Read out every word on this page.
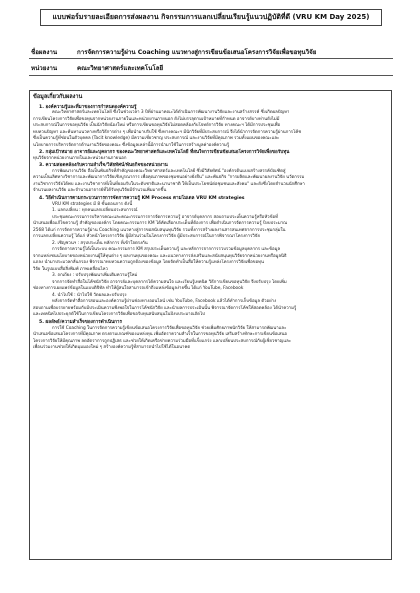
แบบฟอร์มรายละเอียดการส่งผลงาน กิจกรรมการแลกเปลี่ยนเรียนรู้แนวปฏิบัติที่ดี (VRU KM Day 2025)
ชื่อผลงาน	การจัดการความรู้ผ่าน Coaching แนวทางสู่การเขียนข้อเสนอโครงการวิจัยเพื่อขอทุนวิจัย
หน่วยงาน	คณะวิทยาศาสตร์และเทคโนโลยี
ข้อมูลเกี่ยวกับผลงาน
1. องค์ความรู้และที่มาของการกำหนดองค์ความรู้
คณะวิทยาศาสตร์และเทคโนโลยี ซึ่งในช่วงเวลา 3 ปีที่ผ่านมาคณะได้ดำเนินการพัฒนางานวิจัยและงานสร้างสรรค์ ซึ่งเกิดผลปัญหา
การเขียนโครงการวิจัยเพื่อขอทุนจากหน่วยงานภายในและหน่วยงานภายนอก ยังไม่บรรลุตามเป้าหมายที่กำหนด อาจารย์บางท่านยังไม่มี
ประสบการณ์ในการขอทุนวิจัย เป็นนักวิจัยน้องใหม่ หรือการเขียนขอทุนวิจัยไม่สอดคล้องกับโจทย์การวิจัย ทางคณะฯ ได้มีการประชุมเพื่อ
ทบทวนปัญหา และค้นหาแนวทางหรือวิธีการต่าง ๆ เพื่อนำมาปรับใช้ ซึ่งทางคณะฯ มีนักวิจัยที่มีประสบการณ์ จึงได้นำการจัดการความรู้ผ่านการโค้ช
ซึ่งเป็นความรู้ที่ซ่อนในตัวบุคคล (Tacit knowledge) มีความเชี่ยวชาญ ประสบการณ์ และงานวิจัยที่มีคุณภาพ รวมทั้งแผนของคณะและ
นโยบายการบริหารจัดการด้านงานวิจัยของคณะ ซึ่งข้อมูลเหล่านี้มีการนำมาใช้ในการสร้างมูลค่าองค์ความรู้
2. กลุ่มเป้าหมาย อาจารย์และบุคลากร ของคณะวิทยาศาสตร์และเทคโนโลยี ที่สนใจการเขียนข้อเสนอโครงการวิจัยเพื่อขอรับทุน
ทุนวิจัยจากหน่วยงานภายในและหน่วยงานภายนอก
3. ความสอดคล้องกับความสำเร็จ/วิสัยทัศน์/พันธกิจของหน่วยงาน
การพัฒนางานวิจัย ถือเป็นพันธกิจที่สำคัญของคณะวิทยาศาสตร์และเทคโนโลยี ซึ่งมีวิสัยทัศน์ "องค์กรต้นแบบสร้างสรรค์บัณฑิตสู่
ความเป็นเลิศทางวิชาการและพัฒนาการวิจัยเชิงบูรณาการ เพื่อคุณภาพของชุมชนอย่างยั่งยืน" และพันธกิจ "การผลิตและพัฒนาผลงานวิจัย นวัตกรรม
งานวิชาการวิจัยได้พบ และงานวิชาการที่เป็นที่ยอมรับในระดับชาติและนานาชาติ ให้เป็นประโยชน์ต่อชุมชนและสังคม" และยังซึ่งโดยจำนวนนักศึกษา
จำนวนผลงานวิจัย และจำนวนอาจารย์ที่ได้รับทุนวิจัยมีจำนวนเพิ่มมากขึ้น
4. วิธีดำเนินการตามกระบวนการการจัดการความรู้ KM Process ตามโมเดล VRU KM strategies
VRU KM strategies มี 8 ขั้นตอนการ ดังนี้
1. แลกเปลี่ยน : ทุกคนแลกเปลี่ยนประสบการณ์
ประชุมคณะกรรมการบริหารคณะและคณะกรรมการการจัดการความรู้ อาจารย์บุคลากร สอบถามประเด็นความรู้หรือหัวข้อที่
นำเสนอเพื่อแก้ไขความรู้ สำคัญขององค์กร โดยคณะกรรมการ KM ได้คัดเลือกประเด็นที่ต้องการ เพื่อดำเนินการจัดการความรู้ ปีงบประมาณ
2568 ได้แก่ การจัดการความรู้ผ่าน Coaching แนวทางสู่การขอสนับสนุนทุนวิจัย รวมทั้งการสร้างผลงานสารสนเทศจากการประชุมกลุ่มใน
การแลกเปลี่ยนความรู้ ได้แก่ หัวหน้าโครงการวิจัย ผู้มีส่วนร่วมในโครงการวิจัย ผู้มีประสบการณ์ในการพิจารณาโครงการวิจัย
2. เชิญชวนฯ : สรุปประเด็น หลักการ ที่เข้าใจตรงกัน
การจัดการความรู้ได้เป็นระบบ คณะกรรมการ KM สรุปประเด็นความรู้ และหลักการจากการรวบรวมข้อมูลบุคลากร และข้อมูล
จากแหล่งชนนโยบายของหน่วยงานผู้ให้ทุนต่าง ๆ ผลงานทุนของคณะ และแนวทางการส่งเสริมและสนับสนุนทุนวิจัยจากหน่วยงานหรือมูลนิธิ
แถลง นำมาประมวลกลั่นกรอง พิจารณาทบทวนความถูกต้องของข้อมูล โดยจัดทำเป็นสื่อให้ความรู้แหล่งโครงการวิจัยเพื่อขอทุน
วิจัย ในรูปแบบสื่อสิ่งพิมพ์ ภาพเคลื่อนไหว
3. ถกเถียง : ปรับปรุงพัฒนาเพิ่มเติมความรู้ใหม่
จากการจัดทำสื่อในโค้ชนักวิจัย อาจารย์และบุคลากรได้ความสนใจ และเรียนรู้เทคนิค วิธีการเขียนขอทุนวิจัย จึงปรับปรุง โดยเพิ่ม
ช่องทางการเผยแพร่ข้อมูลในแบบดิจิทัล ทำให้ผู้สนใจสามารถเข้าถึงแหล่งข้อมูลง่ายขึ้น ได้แก่ YouTube, Facebook
4. นำไปใช้ : นำไปใช้ วัดผลและปรับปรุง
หลังจากจัดทำสื่อการสอนและองค์ความรู้ผ่านช่องทางออนไลน์ เช่น YouTube, Facebook แล้วได้ทำการเก็บข้อมูล ตัวอย่าง
สอบถามเพื่อบรรยายพร้อมกับมีประเมินความพึงพอใจในการโค้ชนักวิจัย และนำผลการประเมินนั้น พิจารณาจัดการโค้ชให้สอดคล้อง ได้นำความรู้
และเทคนิคไปประยุกต์ใช้ในการเขียนโครงการวิจัยเพื่อขอรับทุนสนับสนุนในปีงบประมาณถัดไป
5. ผลลัพธ์/ความสำเร็จของการดำเนินการ
การใช้ Coaching ในการจัดการความรู้เขียนข้อเสนอโครงการวิจัยเพื่อขอทุนวิจัย ช่วยเพิ่มศักยภาพนักวิจัย ให้สามารถพัฒนาและ
นำเสนอข้อเสนอโครงการที่มีคุณภาพ ตรงตามเกณฑ์ของแหล่งทุน เพิ่มอัตราความสำเร็จในการขอทุนวิจัย เสริมสร้างทักษะการเขียนข้อเสนอ
โครงการวิจัยให้มีคุณภาพ ลดอัตราการถูกปฏิเสธ และช่วยให้เกิดเครือข่ายความร่วมมือที่แข็งแกร่ง แลกเปลี่ยนประสบการณ์กับผู้เชี่ยวชาญและ
เพื่อนร่วมงานช่วยให้เกิดมุมมองใหม่ ๆ สร้างองค์ความรู้ที่สามารถนำไปใช้ได้ในอนาคต
